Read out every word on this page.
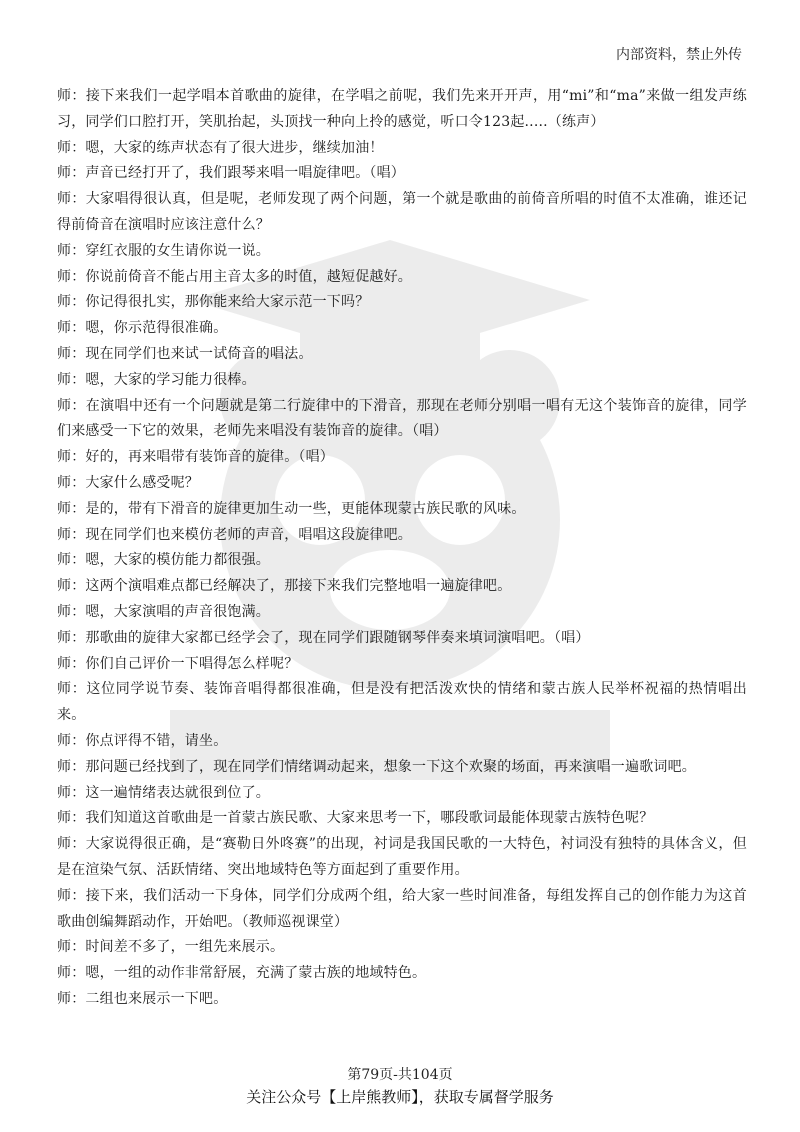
内部资料，禁止外传

师：接下来我们一起学唱本首歌曲的旋律，在学唱之前呢，我们先来开开声，用“mi”和“ma”来做一组发声练习，同学们口腔打开，笑肌抬起，头顶找一种向上拎的感觉，听口令123起.....（练声）

师：嗯，大家的练声状态有了很大进步，继续加油！

师：声音已经打开了，我们跟琴来唱一唱旋律吧。（唱）

师：大家唱得很认真，但是呢，老师发现了两个问题，第一个就是歌曲的前倚音所唱的时值不太准确，谁还记得前倚音在演唱时应该注意什么？

师：穿红衣服的女生请你说一说。

师：你说前倚音不能占用主音太多的时值，越短促越好。

师：你记得很扎实，那你能来给大家示范一下吗？

师：嗯，你示范得很准确。

师：现在同学们也来试一试倚音的唱法。

师：嗯，大家的学习能力很棒。

师：在演唱中还有一个问题就是第二行旋律中的下滑音，那现在老师分别唱一唱有无这个装饰音的旋律，同学们来感受一下它的效果，老师先来唱没有装饰音的旋律。（唱）

师：好的，再来唱带有装饰音的旋律。（唱）

师：大家什么感受呢？

师：是的，带有下滑音的旋律更加生动一些，更能体现蒙古族民歌的风味。

师：现在同学们也来模仿老师的声音，唱唱这段旋律吧。

师：嗯，大家的模仿能力都很强。

师：这两个演唱难点都已经解决了，那接下来我们完整地唱一遍旋律吧。

师：嗯，大家演唱的声音很饱满。

师：那歌曲的旋律大家都已经学会了，现在同学们跟随钢琴伴奏来填词演唱吧。（唱）

师：你们自己评价一下唱得怎么样呢？

师：这位同学说节奏、装饰音唱得都很准确，但是没有把活泼欢快的情绪和蒙古族人民举杯祝福的热情唱出来。

师：你点评得不错，请坐。

师：那问题已经找到了，现在同学们情绪调动起来，想象一下这个欢聚的场面，再来演唱一遍歌词吧。

师：这一遍情绪表达就很到位了。

师：我们知道这首歌曲是一首蒙古族民歌、大家来思考一下，哪段歌词最能体现蒙古族特色呢？

师：大家说得很正确，是“赛勒日外咚赛”的出现，衬词是我国民歌的一大特色，衬词没有独特的具体含义，但是在渲染气氛、活跃情绪、突出地域特色等方面起到了重要作用。

师：接下来，我们活动一下身体，同学们分成两个组，给大家一些时间准备，每组发挥自己的创作能力为这首歌曲创编舞蹈动作，开始吧。（教师巡视课堂）

师：时间差不多了，一组先来展示。

师：嗯，一组的动作非常舒展，充满了蒙古族的地域特色。

师：二组也来展示一下吧。

第79页-共104页
关注公众号【上岸熊教师】，获取专属督学服务
